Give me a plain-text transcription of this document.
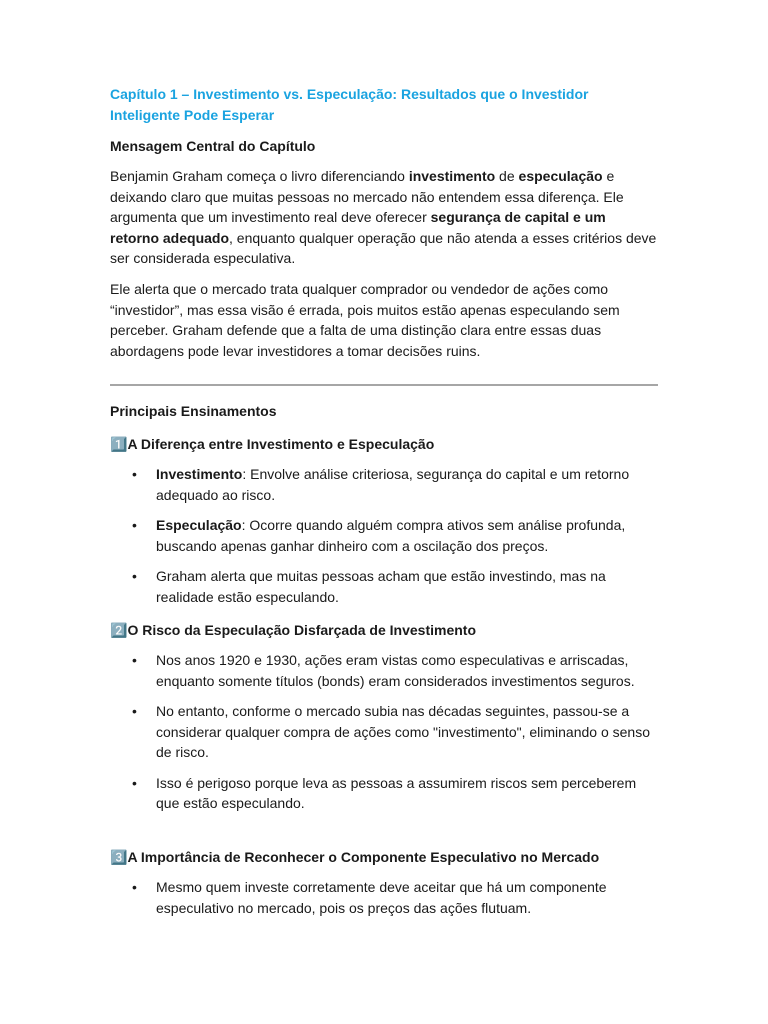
Capítulo 1 – Investimento vs. Especulação: Resultados que o Investidor Inteligente Pode Esperar
Mensagem Central do Capítulo
Benjamin Graham começa o livro diferenciando investimento de especulação e deixando claro que muitas pessoas no mercado não entendem essa diferença. Ele argumenta que um investimento real deve oferecer segurança de capital e um retorno adequado, enquanto qualquer operação que não atenda a esses critérios deve ser considerada especulativa.
Ele alerta que o mercado trata qualquer comprador ou vendedor de ações como “investidor”, mas essa visão é errada, pois muitos estão apenas especulando sem perceber. Graham defende que a falta de uma distinção clara entre essas duas abordagens pode levar investidores a tomar decisões ruins.
Principais Ensinamentos
1️⃣A Diferença entre Investimento e Especulação
• Investimento: Envolve análise criteriosa, segurança do capital e um retorno adequado ao risco.
• Especulação: Ocorre quando alguém compra ativos sem análise profunda, buscando apenas ganhar dinheiro com a oscilação dos preços.
• Graham alerta que muitas pessoas acham que estão investindo, mas na realidade estão especulando.
2️⃣O Risco da Especulação Disfarçada de Investimento
• Nos anos 1920 e 1930, ações eram vistas como especulativas e arriscadas, enquanto somente títulos (bonds) eram considerados investimentos seguros.
• No entanto, conforme o mercado subia nas décadas seguintes, passou-se a considerar qualquer compra de ações como "investimento", eliminando o senso de risco.
• Isso é perigoso porque leva as pessoas a assumirem riscos sem perceberem que estão especulando.
3️⃣A Importância de Reconhecer o Componente Especulativo no Mercado
• Mesmo quem investe corretamente deve aceitar que há um componente especulativo no mercado, pois os preços das ações flutuam.
